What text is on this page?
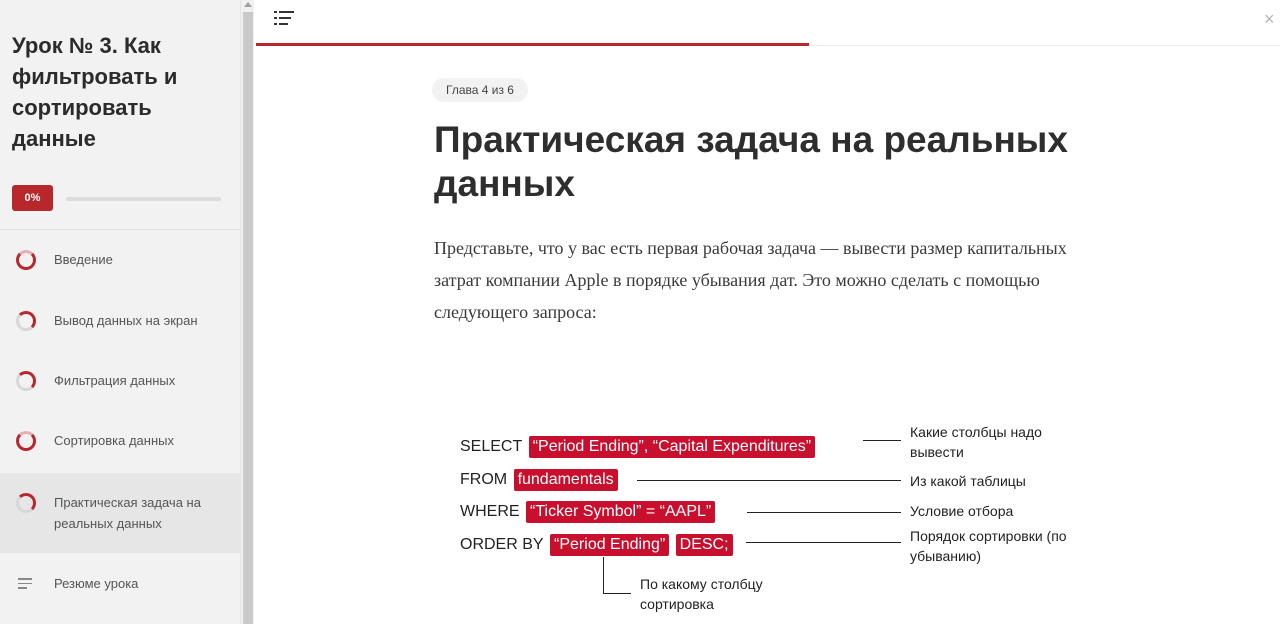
Урок № 3. Как фильтровать и сортировать данные
0%
Введение
Вывод данных на экран
Фильтрация данных
Сортировка данных
Практическая задача на реальных данных
Резюме урока
×
Глава 4 из 6
Практическая задача на реальных данных
Представьте, что у вас есть первая рабочая задача — вывести размер капитальных затрат компании Apple в порядке убывания дат. Это можно сделать с помощью следующего запроса:
SELECT “Period Ending”, “Capital Expenditures”
FROM fundamentals
WHERE “Ticker Symbol” = “AAPL”
ORDER BY “Period Ending” DESC;
Какие столбцы надо вывести
Из какой таблицы
Условие отбора
Порядок сортировки (по убыванию)
По какому столбцу сортировка
